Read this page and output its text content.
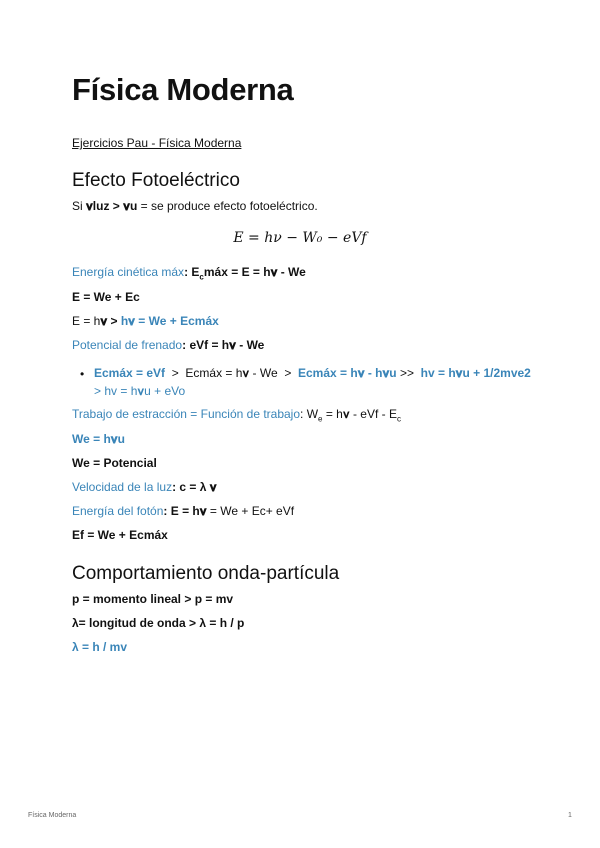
Física Moderna
Ejercicios Pau - Física Moderna
Efecto Fotoeléctrico
Si 𝛎luz > 𝛎u = se produce efecto fotoeléctrico.
E = hν − W₀ − eVf
Energía cinética máx: $E_cmáx = E$ = h𝛎 - We
E = We + Ec
E = h𝛎 > h𝛎 = We + Ecmáx
Potencial de frenado: eVf = h𝛎 - We
• Ecmáx = eVf  >  Ecmáx = h𝛎 - We  >  Ecmáx = h𝛎 - h𝛎u >>  hv = h𝛎u + 1/2mve2 > hv = h𝛎u + eVo
Trabajo de estracción = Función de trabajo: $W_e$ = h𝛎 - eVf - $E_c$
We = h𝛎u
We = Potencial
Velocidad de la luz: c = λ 𝛎
Energía del fotón: E = h𝛎 = We + Ec+ eVf
Ef = We + Ecmáx
Comportamiento onda-partícula
p = momento lineal > p = mv
λ= longitud de onda > λ = h / p
λ = h / mv
Física Moderna	1
